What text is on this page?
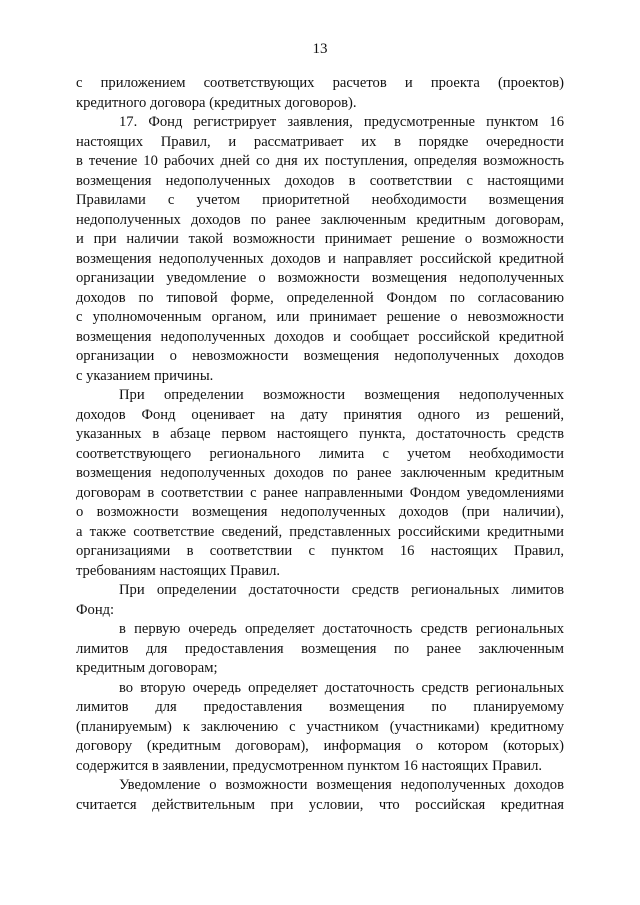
13
с приложением соответствующих расчетов и проекта (проектов)
кредитного договора (кредитных договоров).
17. Фонд регистрирует заявления, предусмотренные пунктом 16
настоящих Правил, и рассматривает их в порядке очередности
в течение 10 рабочих дней со дня их поступления, определяя возможность
возмещения недополученных доходов в соответствии с настоящими
Правилами с учетом приоритетной необходимости возмещения
недополученных доходов по ранее заключенным кредитным договорам,
и при наличии такой возможности принимает решение о возможности
возмещения недополученных доходов и направляет российской кредитной
организации уведомление о возможности возмещения недополученных
доходов по типовой форме, определенной Фондом по согласованию
с уполномоченным органом, или принимает решение о невозможности
возмещения недополученных доходов и сообщает российской кредитной
организации о невозможности возмещения недополученных доходов
с указанием причины.
При определении возможности возмещения недополученных
доходов Фонд оценивает на дату принятия одного из решений,
указанных в абзаце первом настоящего пункта, достаточность средств
соответствующего регионального лимита с учетом необходимости
возмещения недополученных доходов по ранее заключенным кредитным
договорам в соответствии с ранее направленными Фондом уведомлениями
о возможности возмещения недополученных доходов (при наличии),
а также соответствие сведений, представленных российскими кредитными
организациями в соответствии с пунктом 16 настоящих Правил,
требованиям настоящих Правил.
При определении достаточности средств региональных лимитов
Фонд:
в первую очередь определяет достаточность средств региональных
лимитов для предоставления возмещения по ранее заключенным
кредитным договорам;
во вторую очередь определяет достаточность средств региональных
лимитов для предоставления возмещения по планируемому
(планируемым) к заключению с участником (участниками) кредитному
договору (кредитным договорам), информация о котором (которых)
содержится в заявлении, предусмотренном пунктом 16 настоящих Правил.
Уведомление о возможности возмещения недополученных доходов
считается действительным при условии, что российская кредитная
